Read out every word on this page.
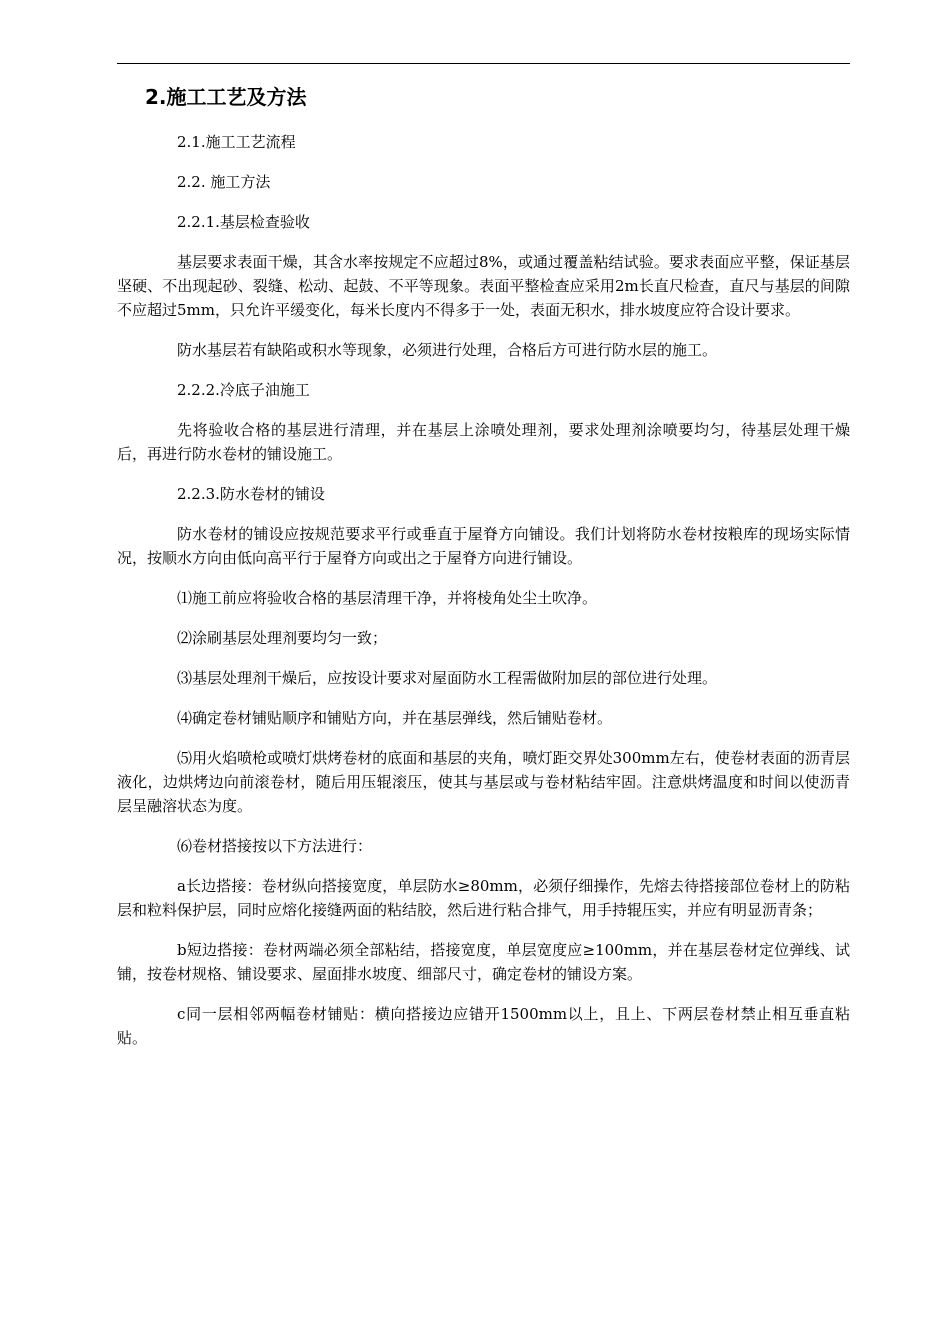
2.施工工艺及方法
2.1.施工工艺流程
2.2. 施工方法
2.2.1.基层检查验收

基层要求表面干燥，其含水率按规定不应超过8%，或通过覆盖粘结试验。要求表面应平整，保证基层坚硬、不出现起砂、裂缝、松动、起鼓、不平等现象。表面平整检查应采用2m长直尺检查，直尺与基层的间隙不应超过5mm，只允许平缓变化，每米长度内不得多于一处，表面无积水，排水坡度应符合设计要求。

防水基层若有缺陷或积水等现象，必须进行处理，合格后方可进行防水层的施工。

2.2.2.冷底子油施工

先将验收合格的基层进行清理，并在基层上涂喷处理剂，要求处理剂涂喷要均匀，待基层处理干燥后，再进行防水卷材的铺设施工。

2.2.3.防水卷材的铺设

防水卷材的铺设应按规范要求平行或垂直于屋脊方向铺设。我们计划将防水卷材按粮库的现场实际情况，按顺水方向由低向高平行于屋脊方向或出之于屋脊方向进行铺设。

⑴施工前应将验收合格的基层清理干净，并将棱角处尘土吹净。

⑵涂刷基层处理剂要均匀一致；

⑶基层处理剂干燥后，应按设计要求对屋面防水工程需做附加层的部位进行处理。

⑷确定卷材铺贴顺序和铺贴方向，并在基层弹线，然后铺贴卷材。

⑸用火焰喷枪或喷灯烘烤卷材的底面和基层的夹角，喷灯距交界处300mm左右，使卷材表面的沥青层液化，边烘烤边向前滚卷材，随后用压辊滚压，使其与基层或与卷材粘结牢固。注意烘烤温度和时间以使沥青层呈融溶状态为度。

⑹卷材搭接按以下方法进行：

a长边搭接：卷材纵向搭接宽度，单层防水≥80mm，必须仔细操作，先熔去待搭接部位卷材上的防粘层和粒料保护层，同时应熔化接缝两面的粘结胶，然后进行粘合排气，用手持辊压实，并应有明显沥青条；

b短边搭接：卷材两端必须全部粘结，搭接宽度，单层宽度应≥100mm，并在基层卷材定位弹线、试铺，按卷材规格、铺设要求、屋面排水坡度、细部尺寸，确定卷材的铺设方案。

c同一层相邻两幅卷材铺贴：横向搭接边应错开1500mm以上，且上、下两层卷材禁止相互垂直粘贴。
